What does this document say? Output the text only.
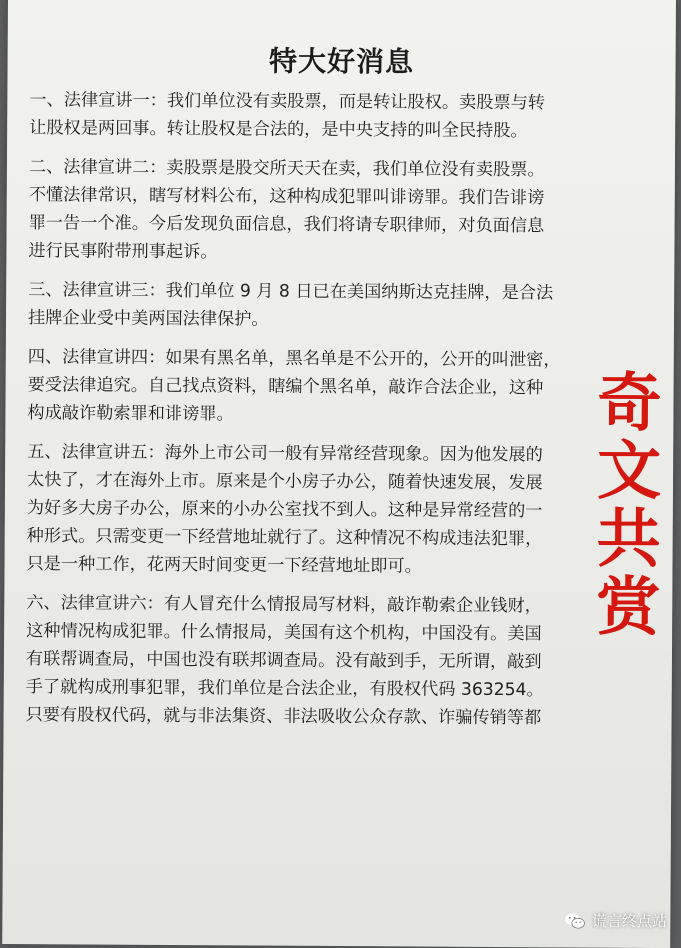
特大好消息
一、法律宣讲一：我们单位没有卖股票，而是转让股权。卖股票与转
让股权是两回事。转让股权是合法的，是中央支持的叫全民持股。
二、法律宣讲二：卖股票是股交所天天在卖，我们单位没有卖股票。
不懂法律常识，瞎写材料公布，这种构成犯罪叫诽谤罪。我们告诽谤
罪一告一个准。今后发现负面信息，我们将请专职律师，对负面信息
进行民事附带刑事起诉。
三、法律宣讲三：我们单位 9 月 8 日已在美国纳斯达克挂牌，是合法
挂牌企业受中美两国法律保护。
四、法律宣讲四：如果有黑名单，黑名单是不公开的，公开的叫泄密，
要受法律追究。自己找点资料，瞎编个黑名单，敲诈合法企业，这种
构成敲诈勒索罪和诽谤罪。
五、法律宣讲五：海外上市公司一般有异常经营现象。因为他发展的
太快了，才在海外上市。原来是个小房子办公，随着快速发展，发展
为好多大房子办公，原来的小办公室找不到人。这种是异常经营的一
种形式。只需变更一下经营地址就行了。这种情况不构成违法犯罪，
只是一种工作，花两天时间变更一下经营地址即可。
六、法律宣讲六：有人冒充什么情报局写材料，敲诈勒索企业钱财，
这种情况构成犯罪。什么情报局，美国有这个机构，中国没有。美国
有联帮调查局，中国也没有联邦调查局。没有敲到手，无所谓，敲到
手了就构成刑事犯罪，我们单位是合法企业，有股权代码 363254。
只要有股权代码，就与非法集资、非法吸收公众存款、诈骗传销等都
奇
文
共
赏
谎言终点站
